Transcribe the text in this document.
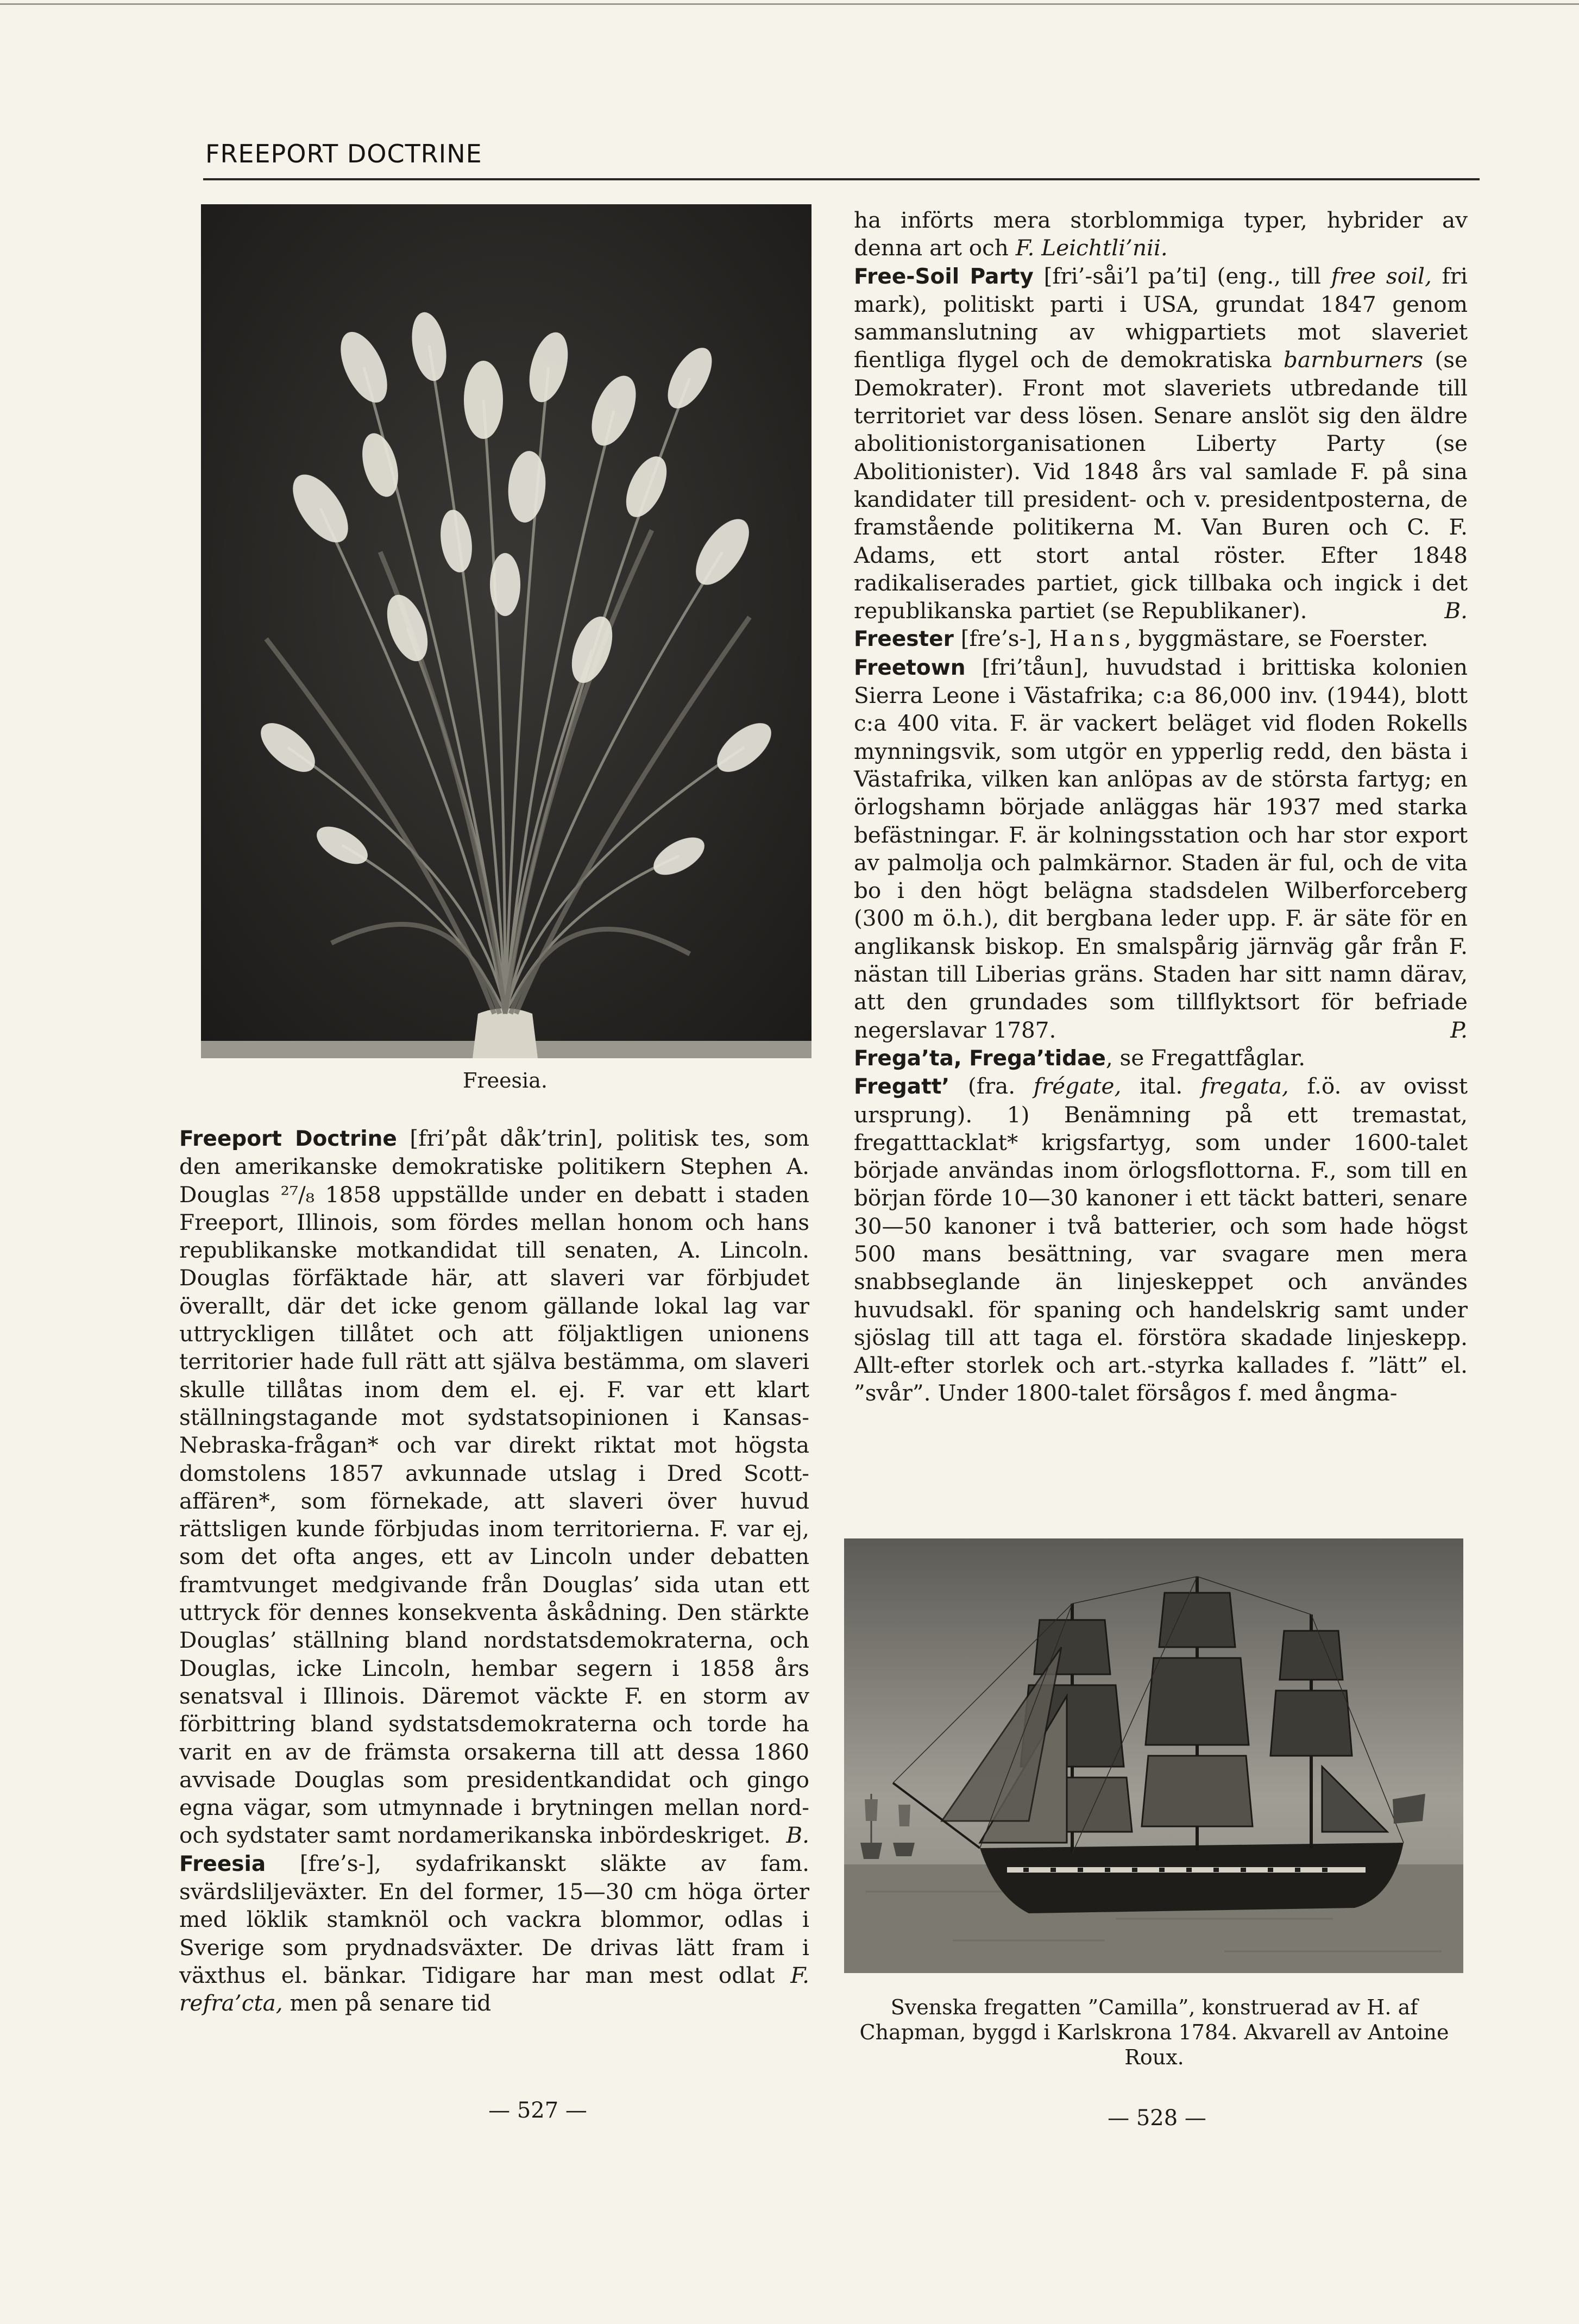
FREEPORT DOCTRINE
Freesia.

Freeport Doctrine [fri’påt dåk’trin], politisk tes, som den amerikanske demokratiske politikern Stephen A. Douglas ²⁷/₈ 1858 uppställde under en debatt i staden Freeport, Illinois, som fördes mellan honom och hans republikanske motkandidat till senaten, A. Lincoln. Douglas förfäktade här, att slaveri var förbjudet överallt, där det icke genom gällande lokal lag var uttryckligen tillåtet och att följaktligen unionens territorier hade full rätt att själva bestämma, om slaveri skulle tillåtas inom dem el. ej. F. var ett klart ställningstagande mot sydstatsopinionen i Kansas-Nebraska-frågan* och var direkt riktat mot högsta domstolens 1857 avkunnade utslag i Dred Scott-affären*, som förnekade, att slaveri över huvud rättsligen kunde förbjudas inom territorierna. F. var ej, som det ofta anges, ett av Lincoln under debatten framtvunget medgivande från Douglas’ sida utan ett uttryck för dennes konsekventa åskådning. Den stärkte Douglas’ ställning bland nordstatsdemokraterna, och Douglas, icke Lincoln, hembar segern i 1858 års senatsval i Illinois. Däremot väckte F. en storm av förbittring bland sydstatsdemokraterna och torde ha varit en av de främsta orsakerna till att dessa 1860 avvisade Douglas som presidentkandidat och gingo egna vägar, som utmynnade i brytningen mellan nord- och sydstater samt nordamerikanska inbördeskriget. B.

Freesia [fre’s-], sydafrikanskt släkte av fam. svärdsliljeväxter. En del former, 15—30 cm höga örter med löklik stamknöl och vackra blommor, odlas i Sverige som prydnadsväxter. De drivas lätt fram i växthus el. bänkar. Tidigare har man mest odlat F. refra’cta, men på senare tid

ha införts mera storblommiga typer, hybrider av denna art och F. Leichtli’nii.

Free-Soil Party [fri’-såi’l pa’ti] (eng., till free soil, fri mark), politiskt parti i USA, grundat 1847 genom sammanslutning av whigpartiets mot slaveriet fientliga flygel och de demokratiska barnburners (se Demokrater). Front mot slaveriets utbredande till territoriet var dess lösen. Senare anslöt sig den äldre abolitionistorganisationen Liberty Party (se Abolitionister). Vid 1848 års val samlade F. på sina kandidater till president- och v. presidentposterna, de framstående politikerna M. Van Buren och C. F. Adams, ett stort antal röster. Efter 1848 radikaliserades partiet, gick tillbaka och ingick i det republikanska partiet (se Republikaner).	B.

Freester [fre’s-], Hans, byggmästare, se Foerster.

Freetown [fri’tåun], huvudstad i brittiska kolonien Sierra Leone i Västafrika; c:a 86,000 inv. (1944), blott c:a 400 vita. F. är vackert beläget vid floden Rokells mynningsvik, som utgör en ypperlig redd, den bästa i Västafrika, vilken kan anlöpas av de största fartyg; en örlogshamn började anläggas här 1937 med starka befästningar. F. är kolningsstation och har stor export av palmolja och palmkärnor. Staden är ful, och de vita bo i den högt belägna stadsdelen Wilberforceberg (300 m ö.h.), dit bergbana leder upp. F. är säte för en anglikansk biskop. En smalspårig järnväg går från F. nästan till Liberias gräns. Staden har sitt namn därav, att den grundades som tillflyktsort för befriade negerslavar 1787.	P.

Frega’ta, Frega’tidae, se Fregattfåglar.

Fregatt’ (fra. frégate, ital. fregata, f.ö. av ovisst ursprung). 1) Benämning på ett tremastat, fregatttacklat* krigsfartyg, som under 1600-talet började användas inom örlogsflottorna. F., som till en början förde 10—30 kanoner i ett täckt batteri, senare 30—50 kanoner i två batterier, och som hade högst 500 mans besättning, var svagare men mera snabbseglande än linjeskeppet och användes huvudsakl. för spaning och handelskrig samt under sjöslag till att taga el. förstöra skadade linjeskepp. Allt-efter storlek och art.-styrka kallades f. ”lätt” el. ”svår”. Under 1800-talet försågos f. med ångma-

Svenska fregatten ”Camilla”, konstruerad av H. af Chapman, byggd i Karlskrona 1784. Akvarell av Antoine Roux.
— 527 —	— 528 —
